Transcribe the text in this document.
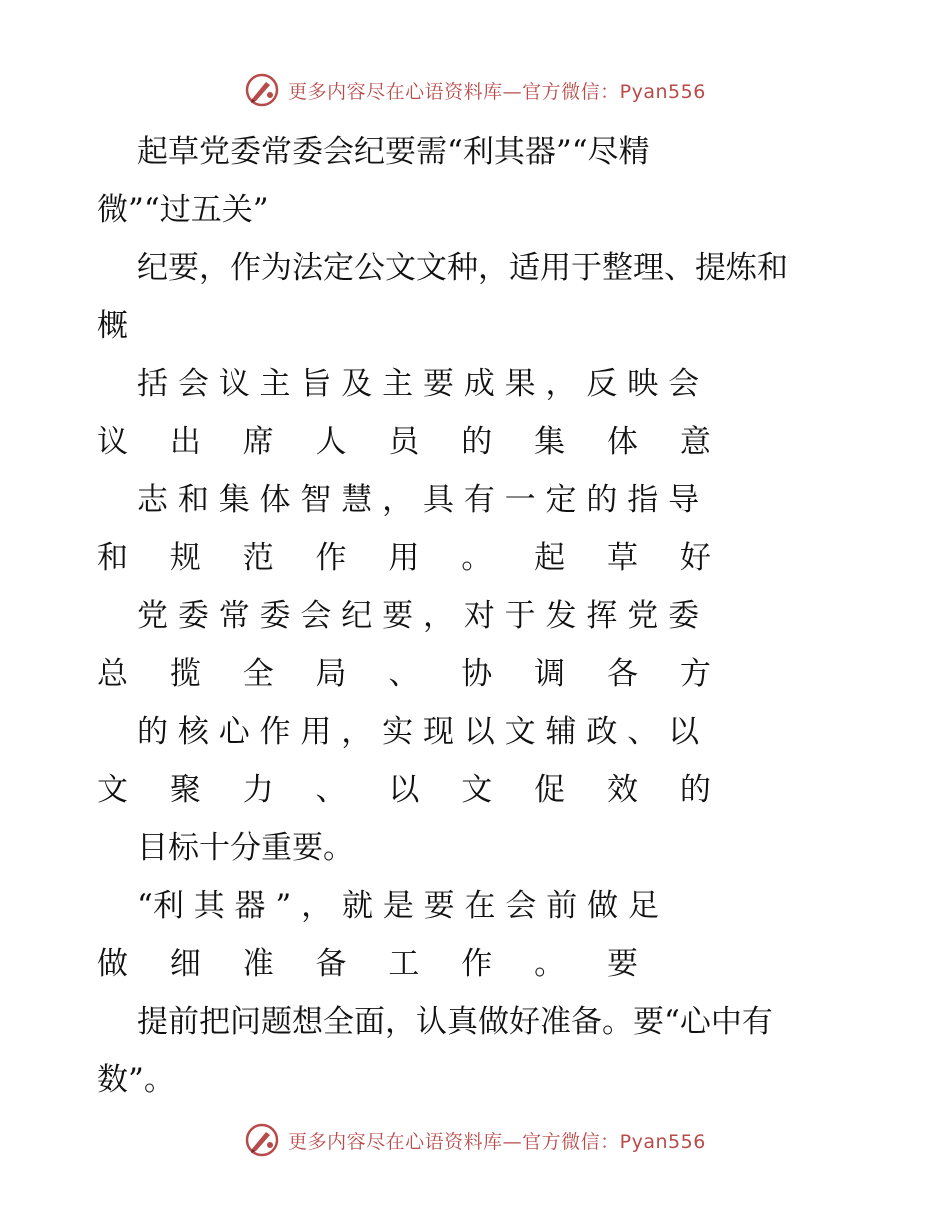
更多内容尽在心语资料库—官方微信：Pyan556
起草党委常委会纪要需“利其器”“尽精
微”“过五关”
纪要，作为法定公文文种，适用于整理、提炼和
概
括 会 议 主 旨 及 主 要 成 果 ， 反 映 会
议 出 席 人 员 的 集 体 意
志 和 集 体 智 慧 ， 具 有 一 定 的 指 导
和 规 范 作 用 。 起 草 好
党 委 常 委 会 纪 要 ， 对 于 发 挥 党 委
总 揽 全 局 、 协 调 各 方
的 核 心 作 用 ， 实 现 以 文 辅 政 、 以
文 聚 力 、 以 文 促 效 的
目标十分重要。
“利 其 器 ” ， 就 是 要 在 会 前 做 足
做 细 准 备 工 作 。 要
提前把问题想全面，认真做好准备。要“心中有
数”。
更多内容尽在心语资料库—官方微信：Pyan556
